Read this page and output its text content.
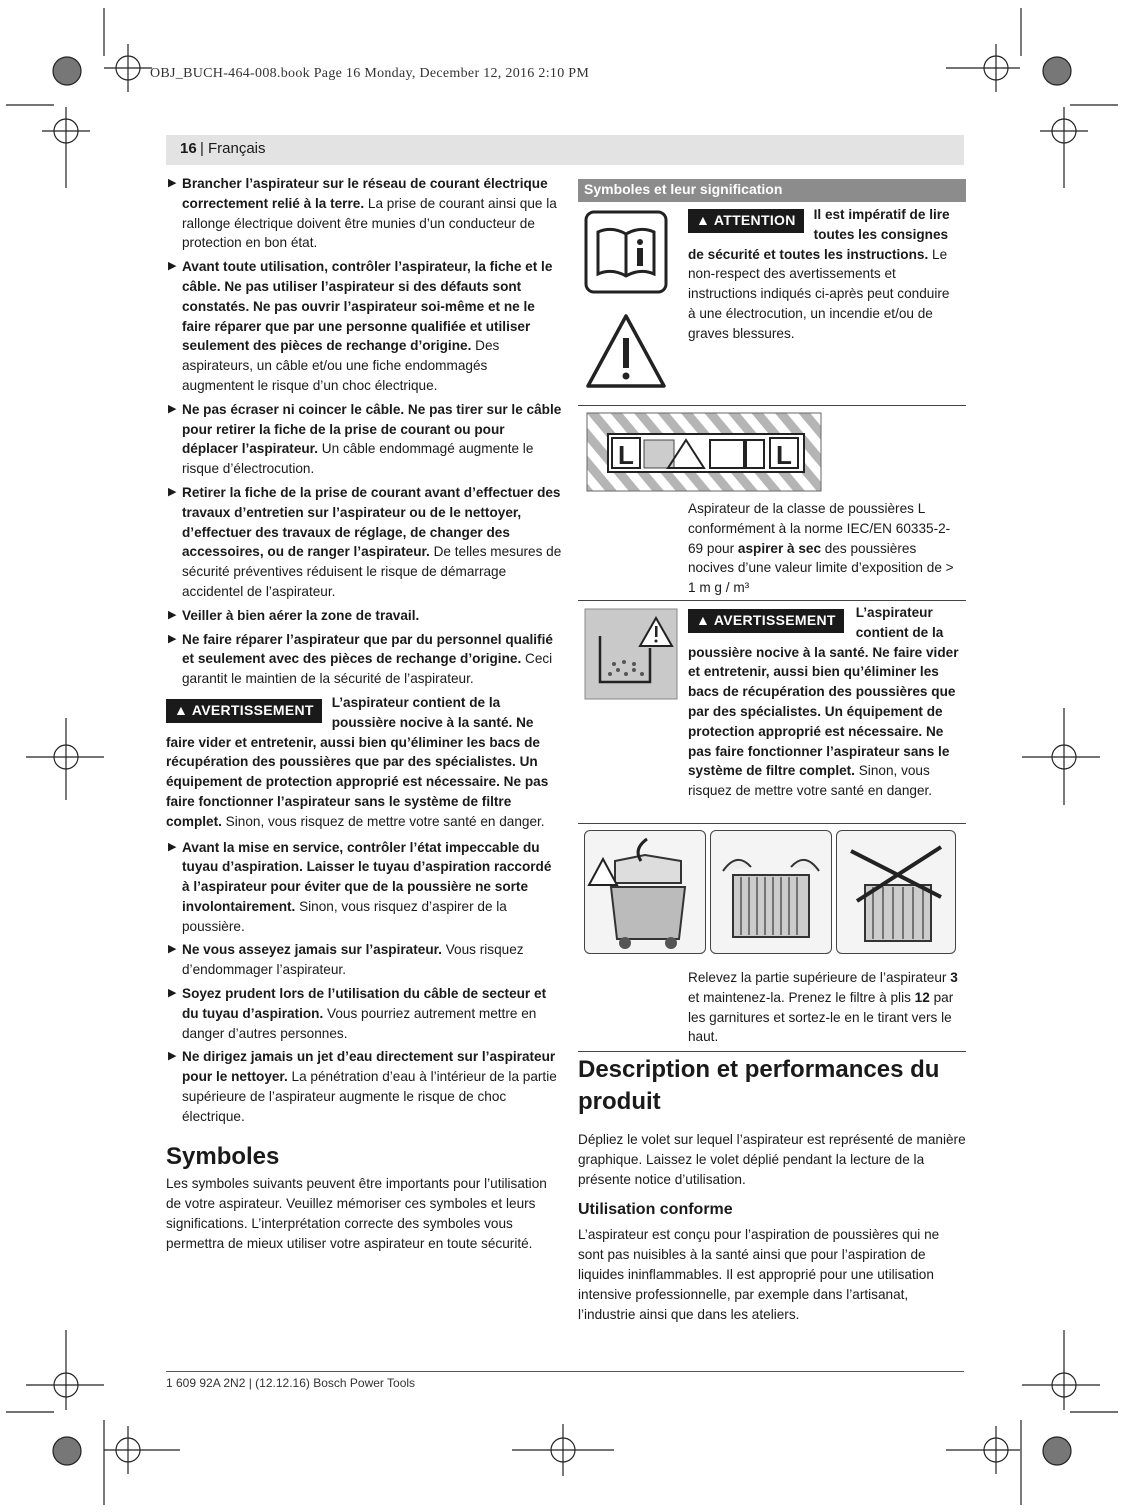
OBJ_BUCH-464-008.book Page 16 Monday, December 12, 2016 2:10 PM
16 | Français
▶ Brancher l’aspirateur sur le réseau de courant électrique correctement relié à la terre. La prise de courant ainsi que la rallonge électrique doivent être munies d’un conducteur de protection en bon état.
▶ Avant toute utilisation, contrôler l’aspirateur, la fiche et le câble. Ne pas utiliser l’aspirateur si des défauts sont constatés. Ne pas ouvrir l’aspirateur soi-même et ne le faire réparer que par une personne qualifiée et utiliser seulement des pièces de rechange d’origine. Des aspirateurs, un câble et/ou une fiche endommagés augmentent le risque d’un choc électrique.
▶ Ne pas écraser ni coincer le câble. Ne pas tirer sur le câble pour retirer la fiche de la prise de courant ou pour déplacer l’aspirateur. Un câble endommagé augmente le risque d’électrocution.
▶ Retirer la fiche de la prise de courant avant d’effectuer des travaux d’entretien sur l’aspirateur ou de le nettoyer, d’effectuer des travaux de réglage, de changer des accessoires, ou de ranger l’aspirateur. De telles mesures de sécurité préventives réduisent le risque de démarrage accidentel de l’aspirateur.
▶ Veiller à bien aérer la zone de travail.
▶ Ne faire réparer l’aspirateur que par du personnel qualifié et seulement avec des pièces de rechange d’origine. Ceci garantit le maintien de la sécurité de l’aspirateur.
▲ AVERTISSEMENT	L’aspirateur contient de la poussière nocive à la santé. Ne faire vider et entretenir, aussi bien qu’éliminer les bacs de récupération des poussières que par des spécialistes. Un équipement de protection approprié est nécessaire. Ne pas faire fonctionner l’aspirateur sans le système de filtre complet. Sinon, vous risquez de mettre votre santé en danger.
▶ Avant la mise en service, contrôler l’état impeccable du tuyau d’aspiration. Laisser le tuyau d’aspiration raccordé à l’aspirateur pour éviter que de la poussière ne sorte involontairement. Sinon, vous risquez d’aspirer de la poussière.
▶ Ne vous asseyez jamais sur l’aspirateur. Vous risquez d’endommager l’aspirateur.
▶ Soyez prudent lors de l’utilisation du câble de secteur et du tuyau d’aspiration. Vous pourriez autrement mettre en danger d’autres personnes.
▶ Ne dirigez jamais un jet d’eau directement sur l’aspirateur pour le nettoyer. La pénétration d’eau à l’intérieur de la partie supérieure de l’aspirateur augmente le risque de choc électrique.
Symboles

Les symboles suivants peuvent être importants pour l’utilisation de votre aspirateur. Veuillez mémoriser ces symboles et leurs significations. L’interprétation correcte des symboles vous permettra de mieux utiliser votre aspirateur en toute sécurité.

Symboles et leur signification
▲ ATTENTION	Il est impératif de lire toutes les consignes de sécurité et toutes les instructions. Le non-respect des avertissements et instructions indiqués ci-après peut conduire à une électrocution, un incendie et/ou de graves blessures.
L	L
Aspirateur de la classe de poussières L conformément à la norme IEC/EN 60335-2-69 pour aspirer à sec des poussières nocives d’une valeur limite d’exposition de > 1 m g / m³
▲ AVERTISSEMENT	L’aspirateur contient de la poussière nocive à la santé. Ne faire vider et entretenir, aussi bien qu’éliminer les bacs de récupération des poussières que par des spécialistes. Un équipement de protection approprié est nécessaire. Ne pas faire fonctionner l’aspirateur sans le système de filtre complet. Sinon, vous risquez de mettre votre santé en danger.
Relevez la partie supérieure de l’aspirateur 3 et maintenez-la. Prenez le filtre à plis 12 par les garnitures et sortez-le en le tirant vers le haut.
Description et performances du produit

Dépliez le volet sur lequel l’aspirateur est représenté de manière graphique. Laissez le volet déplié pendant la lecture de la présente notice d’utilisation.

Utilisation conforme

L’aspirateur est conçu pour l’aspiration de poussières qui ne sont pas nuisibles à la santé ainsi que pour l’aspiration de liquides ininflammables. Il est approprié pour une utilisation intensive professionnelle, par exemple dans l’artisanat, l’industrie ainsi que dans les ateliers.

1 609 92A 2N2 | (12.12.16) Bosch Power Tools
